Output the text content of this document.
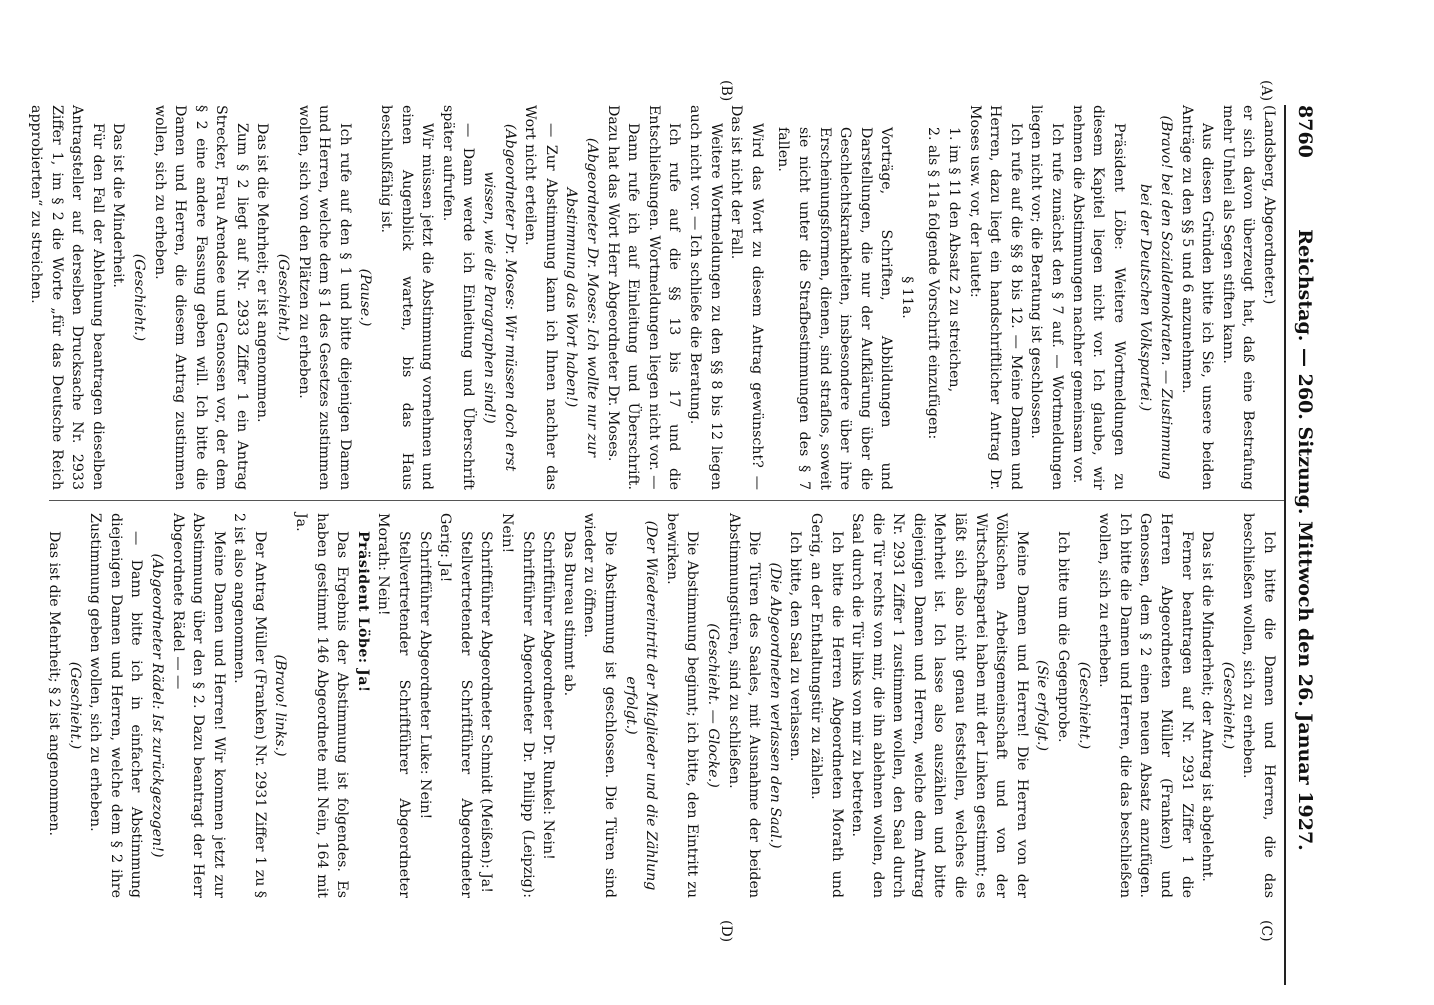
8760
Reichstag. — 260. Sitzung. Mittwoch den 26. Januar 1927.
(A)
(B)
(C)
(D)

(Landsberg, Abgeordneter.)

er sich davon überzeugt hat, daß eine Bestrafung mehr Unheil als Segen stiften kann.

Aus diesen Gründen bitte ich Sie, unsere beiden Anträge zu den §§ 5 und 6 anzunehmen.

(Bravo! bei den Sozialdemokraten. — Zustimmung bei der Deutschen Volkspartei.)

Präsident Löbe: Weitere Wortmeldungen zu diesem Kapitel liegen nicht vor. Ich glaube, wir nehmen die Abstimmungen nachher gemeinsam vor.

Ich rufe zunächst den § 7 auf. — Wortmeldungen liegen nicht vor; die Beratung ist geschlossen.

Ich rufe auf die §§ 8 bis 12. — Meine Damen und Herren, dazu liegt ein handschriftlicher Antrag Dr. Moses usw. vor, der lautet:

1. im § 11 den Absatz 2 zu streichen,

2. als § 11a folgende Vorschrift einzufügen:

§ 11a.

Vorträge, Schriften, Abbildungen und Darstellungen, die nur der Aufklärung über die Geschlechtskrankheiten, insbesondere über ihre Erscheinungsformen, dienen, sind straflos, soweit sie nicht unter die Strafbestimmungen des § 7 fallen.

Wird das Wort zu diesem Antrag gewünscht? — Das ist nicht der Fall.

Weitere Wortmeldungen zu den §§ 8 bis 12 liegen auch nicht vor. — Ich schließe die Beratung.

Ich rufe auf die §§ 13 bis 17 und die Entschließungen. Wortmeldungen liegen nicht vor. —

Dann rufe ich auf Einleitung und Überschrift. Dazu hat das Wort Herr Abgeordneter Dr. Moses.

(Abgeordneter Dr. Moses: Ich wollte nur zur Abstimmung das Wort haben!)

— Zur Abstimmung kann ich Ihnen nachher das Wort nicht erteilen.

(Abgeordneter Dr. Moses: Wir müssen doch erst wissen, wie die Paragraphen sind!)

— Dann werde ich Einleitung und Überschrift später aufrufen.

Wir müssen jetzt die Abstimmung vornehmen und einen Augenblick warten, bis das Haus beschlußfähig ist.

(Pause.)

Ich rufe auf den § 1 und bitte diejenigen Damen und Herren, welche dem § 1 des Gesetzes zustimmen wollen, sich von den Plätzen zu erheben.

(Geschieht.)

Das ist die Mehrheit; er ist angenommen.

Zum § 2 liegt auf Nr. 2933 Ziffer 1 ein Antrag Strecker, Frau Arendsee und Genossen vor, der dem § 2 eine andere Fassung geben will. Ich bitte die Damen und Herren, die diesem Antrag zustimmen wollen, sich zu erheben.

(Geschieht.)

Das ist die Minderheit.

Für den Fall der Ablehnung beantragen dieselben Antragsteller auf derselben Drucksache Nr. 2933 Ziffer 1, im § 2 die Worte „für das Deutsche Reich approbierten“ zu streichen.

Ich bitte die Damen und Herren, die das beschließen wollen, sich zu erheben.

(Geschieht.)

Das ist die Minderheit; der Antrag ist abgelehnt.

Ferner beantragen auf Nr. 2931 Ziffer 1 die Herren Abgeordneten Müller (Franken) und Genossen, dem § 2 einen neuen Absatz anzufügen. Ich bitte die Damen und Herren, die das beschließen wollen, sich zu erheben.

(Geschieht.)

Ich bitte um die Gegenprobe.

(Sie erfolgt.)

Meine Damen und Herren! Die Herren von der Völkischen Arbeitsgemeinschaft und von der Wirtschaftspartei haben mit der Linken gestimmt; es läßt sich also nicht genau feststellen, welches die Mehrheit ist. Ich lasse also auszählen und bitte diejenigen Damen und Herren, welche dem Antrag Nr. 2931 Ziffer 1 zustimmen wollen, den Saal durch die Tür rechts von mir, die ihn ablehnen wollen, den Saal durch die Tür links von mir zu betreten.

Ich bitte die Herren Abgeordneten Morath und Gerig, an der Enthaltungstür zu zählen.

Ich bitte, den Saal zu verlassen.

(Die Abgeordneten verlassen den Saal.)

Die Türen des Saales, mit Ausnahme der beiden Abstimmungstüren, sind zu schließen.

(Geschieht. — Glocke.)

Die Abstimmung beginnt; ich bitte, den Eintritt zu bewirken.

(Der Wiedereintritt der Mitglieder und die Zählung erfolgt.)

Die Abstimmung ist geschlossen. Die Türen sind wieder zu öffnen.

Das Bureau stimmt ab.

Schriftführer Abgeordneter Dr. Runkel: Nein!

Schriftführer Abgeordneter Dr. Philipp (Leipzig): Nein!

Schriftführer Abgeordneter Schmidt (Meißen): Ja!

Stellvertretender Schriftführer Abgeordneter Gerig: Ja!

Schriftführer Abgeordneter Luke: Nein!

Stellvertretender Schriftführer Abgeordneter Morath: Nein!

Präsident Löbe: Ja!

Das Ergebnis der Abstimmung ist folgendes. Es haben gestimmt 146 Abgeordnete mit Nein, 164 mit Ja.

(Bravo! links.)

Der Antrag Müller (Franken) Nr. 2931 Ziffer 1 zu § 2 ist also angenommen.

Meine Damen und Herren! Wir kommen jetzt zur Abstimmung über den § 2. Dazu beantragt der Herr Abgeordnete Rädel — —

(Abgeordneter Rädel: Ist zurückgezogen!)

— Dann bitte ich in einfacher Abstimmung diejenigen Damen und Herren, welche dem § 2 ihre Zustimmung geben wollen, sich zu erheben.

(Geschieht.)

Das ist die Mehrheit; § 2 ist angenommen.
